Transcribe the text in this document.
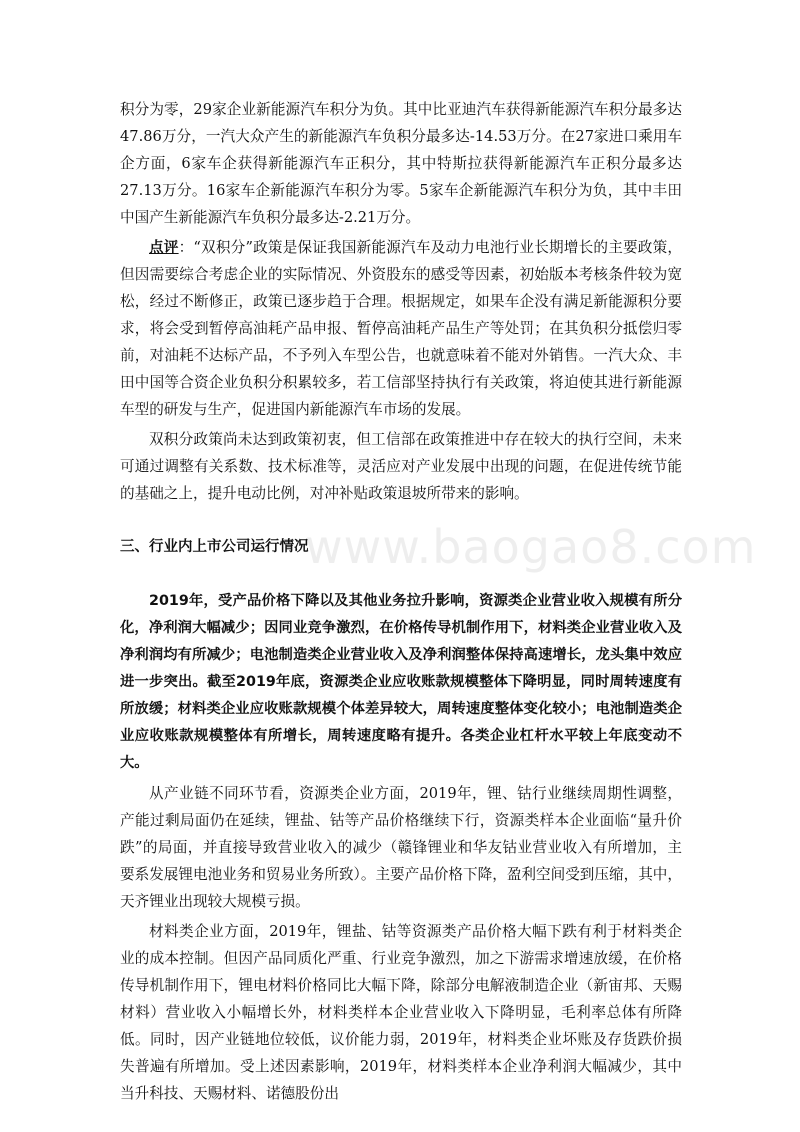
www.baogao8.com

积分为零，29家企业新能源汽车积分为负。其中比亚迪汽车获得新能源汽车积分最多达47.86万分，一汽大众产生的新能源汽车负积分最多达-14.53万分。在27家进口乘用车企方面，6家车企获得新能源汽车正积分，其中特斯拉获得新能源汽车正积分最多达27.13万分。16家车企新能源汽车积分为零。5家车企新能源汽车积分为负，其中丰田中国产生新能源汽车负积分最多达-2.21万分。

点评：“双积分”政策是保证我国新能源汽车及动力电池行业长期增长的主要政策，但因需要综合考虑企业的实际情况、外资股东的感受等因素，初始版本考核条件较为宽松，经过不断修正，政策已逐步趋于合理。根据规定，如果车企没有满足新能源积分要求，将会受到暂停高油耗产品申报、暂停高油耗产品生产等处罚；在其负积分抵偿归零前，对油耗不达标产品，不予列入车型公告，也就意味着不能对外销售。一汽大众、丰田中国等合资企业负积分积累较多，若工信部坚持执行有关政策，将迫使其进行新能源车型的研发与生产，促进国内新能源汽车市场的发展。

双积分政策尚未达到政策初衷，但工信部在政策推进中存在较大的执行空间，未来可通过调整有关系数、技术标准等，灵活应对产业发展中出现的问题，在促进传统节能的基础之上，提升电动比例，对冲补贴政策退坡所带来的影响。

三、行业内上市公司运行情况

2019年，受产品价格下降以及其他业务拉升影响，资源类企业营业收入规模有所分化，净利润大幅减少；因同业竞争激烈，在价格传导机制作用下，材料类企业营业收入及净利润均有所减少；电池制造类企业营业收入及净利润整体保持高速增长，龙头集中效应进一步突出。截至2019年底，资源类企业应收账款规模整体下降明显，同时周转速度有所放缓；材料类企业应收账款规模个体差异较大，周转速度整体变化较小；电池制造类企业应收账款规模整体有所增长，周转速度略有提升。各类企业杠杆水平较上年底变动不大。

从产业链不同环节看，资源类企业方面，2019年，锂、钴行业继续周期性调整，产能过剩局面仍在延续，锂盐、钴等产品价格继续下行，资源类样本企业面临“量升价跌”的局面，并直接导致营业收入的减少（赣锋锂业和华友钴业营业收入有所增加，主要系发展锂电池业务和贸易业务所致）。主要产品价格下降，盈利空间受到压缩，其中，天齐锂业出现较大规模亏损。

材料类企业方面，2019年，锂盐、钴等资源类产品价格大幅下跌有利于材料类企业的成本控制。但因产品同质化严重、行业竞争激烈，加之下游需求增速放缓，在价格传导机制作用下，锂电材料价格同比大幅下降，除部分电解液制造企业（新宙邦、天赐材料）营业收入小幅增长外，材料类样本企业营业收入下降明显，毛利率总体有所降低。同时，因产业链地位较低，议价能力弱，2019年，材料类企业坏账及存货跌价损失普遍有所增加。受上述因素影响，2019年，材料类样本企业净利润大幅减少，其中当升科技、天赐材料、诺德股份出
